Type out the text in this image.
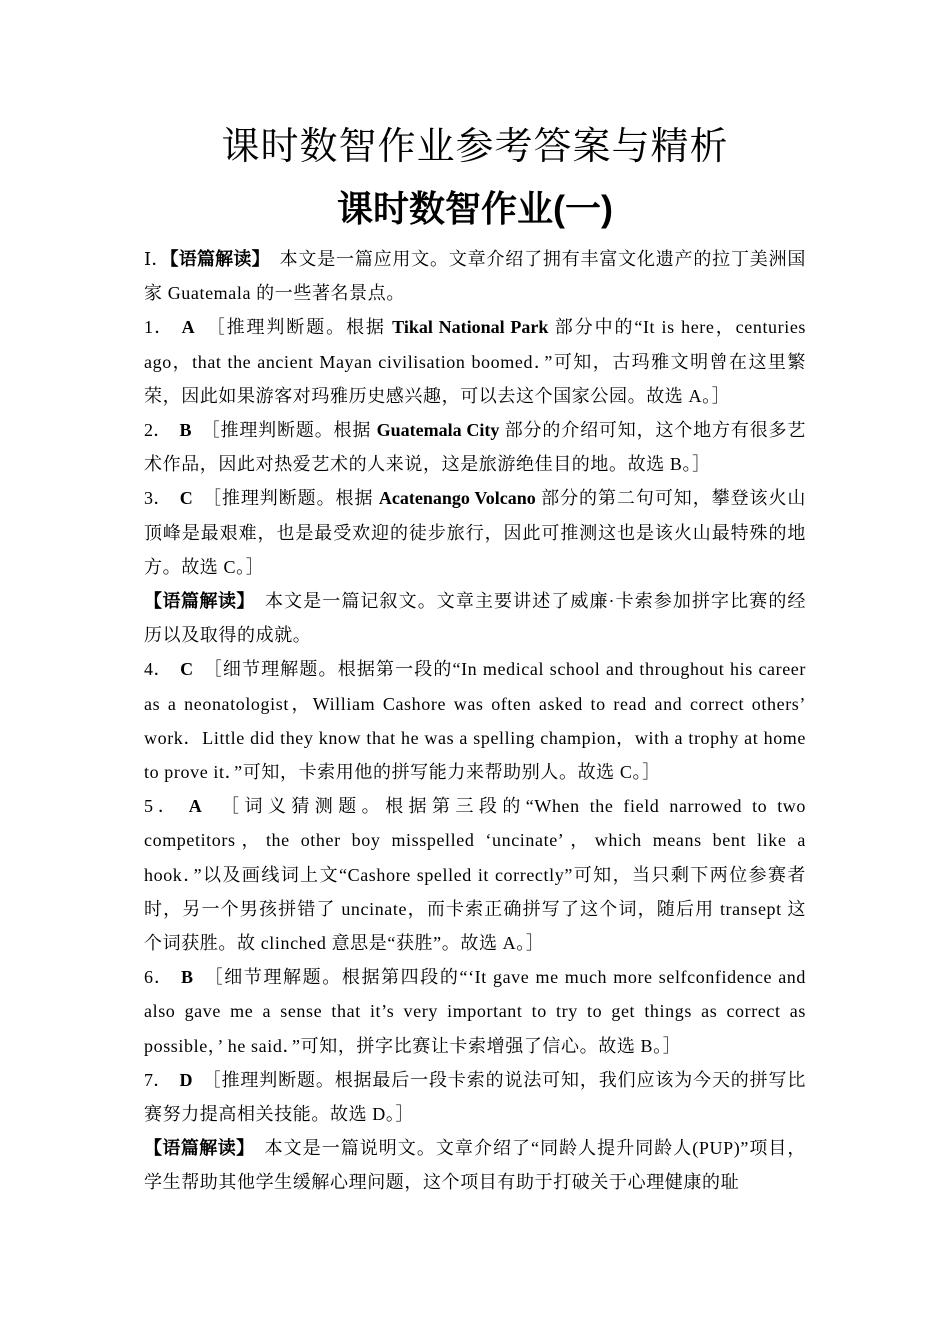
课时数智作业参考答案与精析
课时数智作业(一)

Ⅰ．【语篇解读】　本文是一篇应用文。文章介绍了拥有丰富文化遗产的拉丁美洲国家 Guatemala 的一些著名景点。

1． A　 ［推理判断题。根据 Tikal National Park 部分中的“It is here，centuries ago，that the ancient Mayan civilisation boomed．”可知，古玛雅文明曾在这里繁荣，因此如果游客对玛雅历史感兴趣，可以去这个国家公园。故选 A。］

2． B　 ［推理判断题。根据 Guatemala City 部分的介绍可知，这个地方有很多艺术作品，因此对热爱艺术的人来说，这是旅游绝佳目的地。故选 B。］

3． C　 ［推理判断题。根据 Acatenango Volcano 部分的第二句可知，攀登该火山顶峰是最艰难，也是最受欢迎的徒步旅行，因此可推测这也是该火山最特殊的地方。故选 C。］

【语篇解读】　本文是一篇记叙文。文章主要讲述了威廉·卡索参加拼字比赛的经历以及取得的成就。

4． C　 ［细节理解题。根据第一段的“In medical school and throughout his career as a neonatologist，William Cashore was often asked to read and correct others’ work．Little did they know that he was a spelling champion，with a trophy at home to prove it．”可知，卡索用他的拼写能力来帮助别人。故选 C。］

5． A　 ［词义猜测题。根据第三段的“When the field narrowed to two competitors，the other boy misspelled ‘uncinate’，which means bent like a hook．”以及画线词上文“Cashore spelled it correctly”可知，当只剩下两位参赛者时，另一个男孩拼错了 uncinate，而卡索正确拼写了这个词，随后用 transept 这个词获胜。故 clinched 意思是“获胜”。故选 A。］

6． B　 ［细节理解题。根据第四段的“‘It gave me much more selfconfidence and also gave me a sense that it’s very important to try to get things as correct as possible，’ he said．”可知，拼字比赛让卡索增强了信心。故选 B。］

7． D　 ［推理判断题。根据最后一段卡索的说法可知，我们应该为今天的拼写比赛努力提高相关技能。故选 D。］

【语篇解读】　本文是一篇说明文。文章介绍了“同龄人提升同龄人(PUP)”项目，学生帮助其他学生缓解心理问题，这个项目有助于打破关于心理健康的耻
